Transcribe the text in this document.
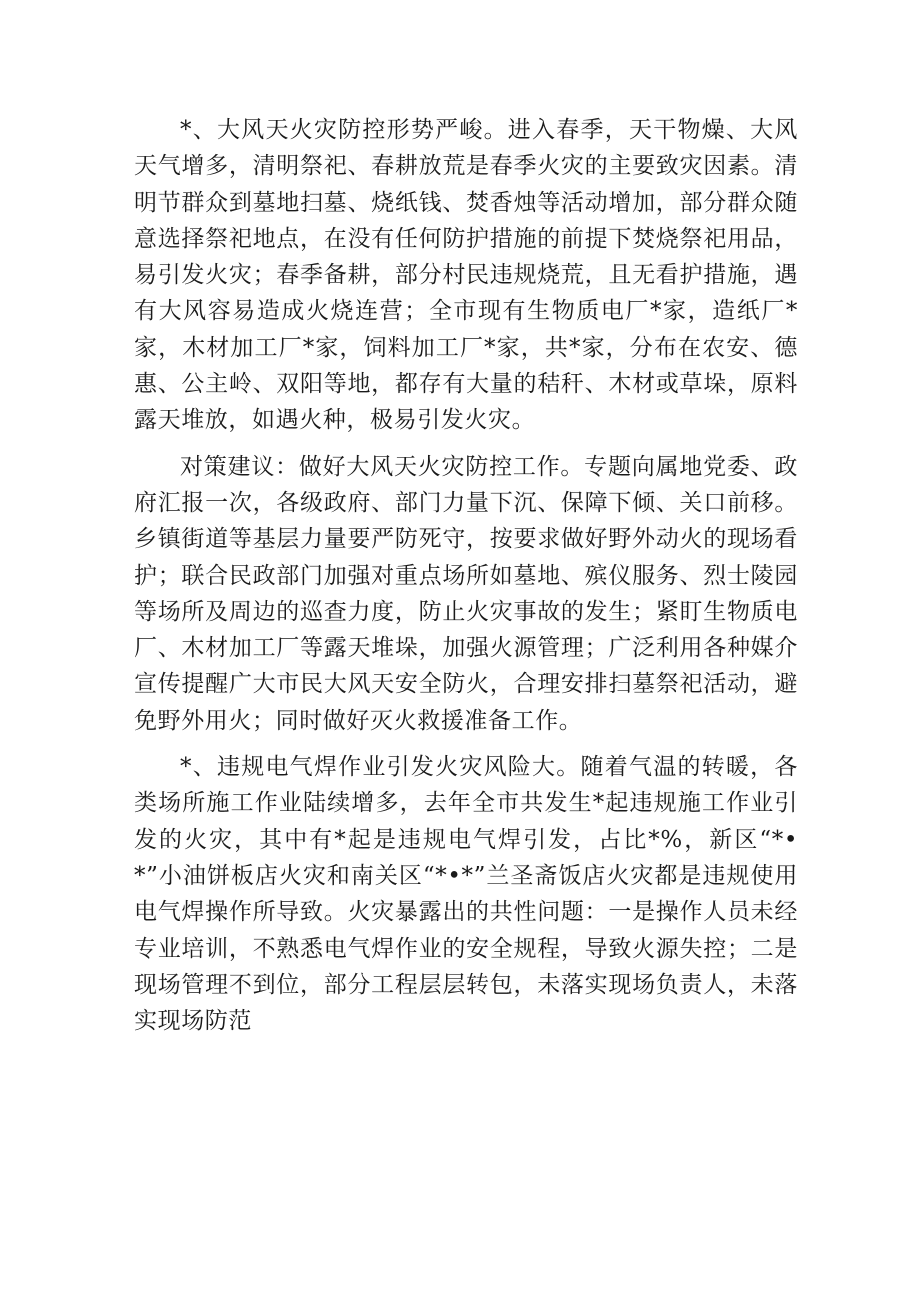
*、大风天火灾防控形势严峻。进入春季，天干物燥、大风天气增多，清明祭祀、春耕放荒是春季火灾的主要致灾因素。清明节群众到墓地扫墓、烧纸钱、焚香烛等活动增加，部分群众随意选择祭祀地点，在没有任何防护措施的前提下焚烧祭祀用品，易引发火灾；春季备耕，部分村民违规烧荒，且无看护措施，遇有大风容易造成火烧连营；全市现有生物质电厂*家，造纸厂*家，木材加工厂*家，饲料加工厂*家，共*家，分布在农安、德惠、公主岭、双阳等地，都存有大量的秸秆、木材或草垛，原料露天堆放，如遇火种，极易引发火灾。

对策建议：做好大风天火灾防控工作。专题向属地党委、政府汇报一次，各级政府、部门力量下沉、保障下倾、关口前移。乡镇街道等基层力量要严防死守，按要求做好野外动火的现场看护；联合民政部门加强对重点场所如墓地、殡仪服务、烈士陵园等场所及周边的巡查力度，防止火灾事故的发生；紧盯生物质电厂、木材加工厂等露天堆垛，加强火源管理；广泛利用各种媒介宣传提醒广大市民大风天安全防火，合理安排扫墓祭祀活动，避免野外用火；同时做好灭火救援准备工作。

*、违规电气焊作业引发火灾风险大。随着气温的转暖，各类场所施工作业陆续增多，去年全市共发生*起违规施工作业引发的火灾，其中有*起是违规电气焊引发，占比*%，新区“*•*”小油饼板店火灾和南关区“*•*”兰圣斋饭店火灾都是违规使用电气焊操作所导致。火灾暴露出的共性问题：一是操作人员未经专业培训，不熟悉电气焊作业的安全规程，导致火源失控；二是现场管理不到位，部分工程层层转包，未落实现场负责人，未落实现场防范
